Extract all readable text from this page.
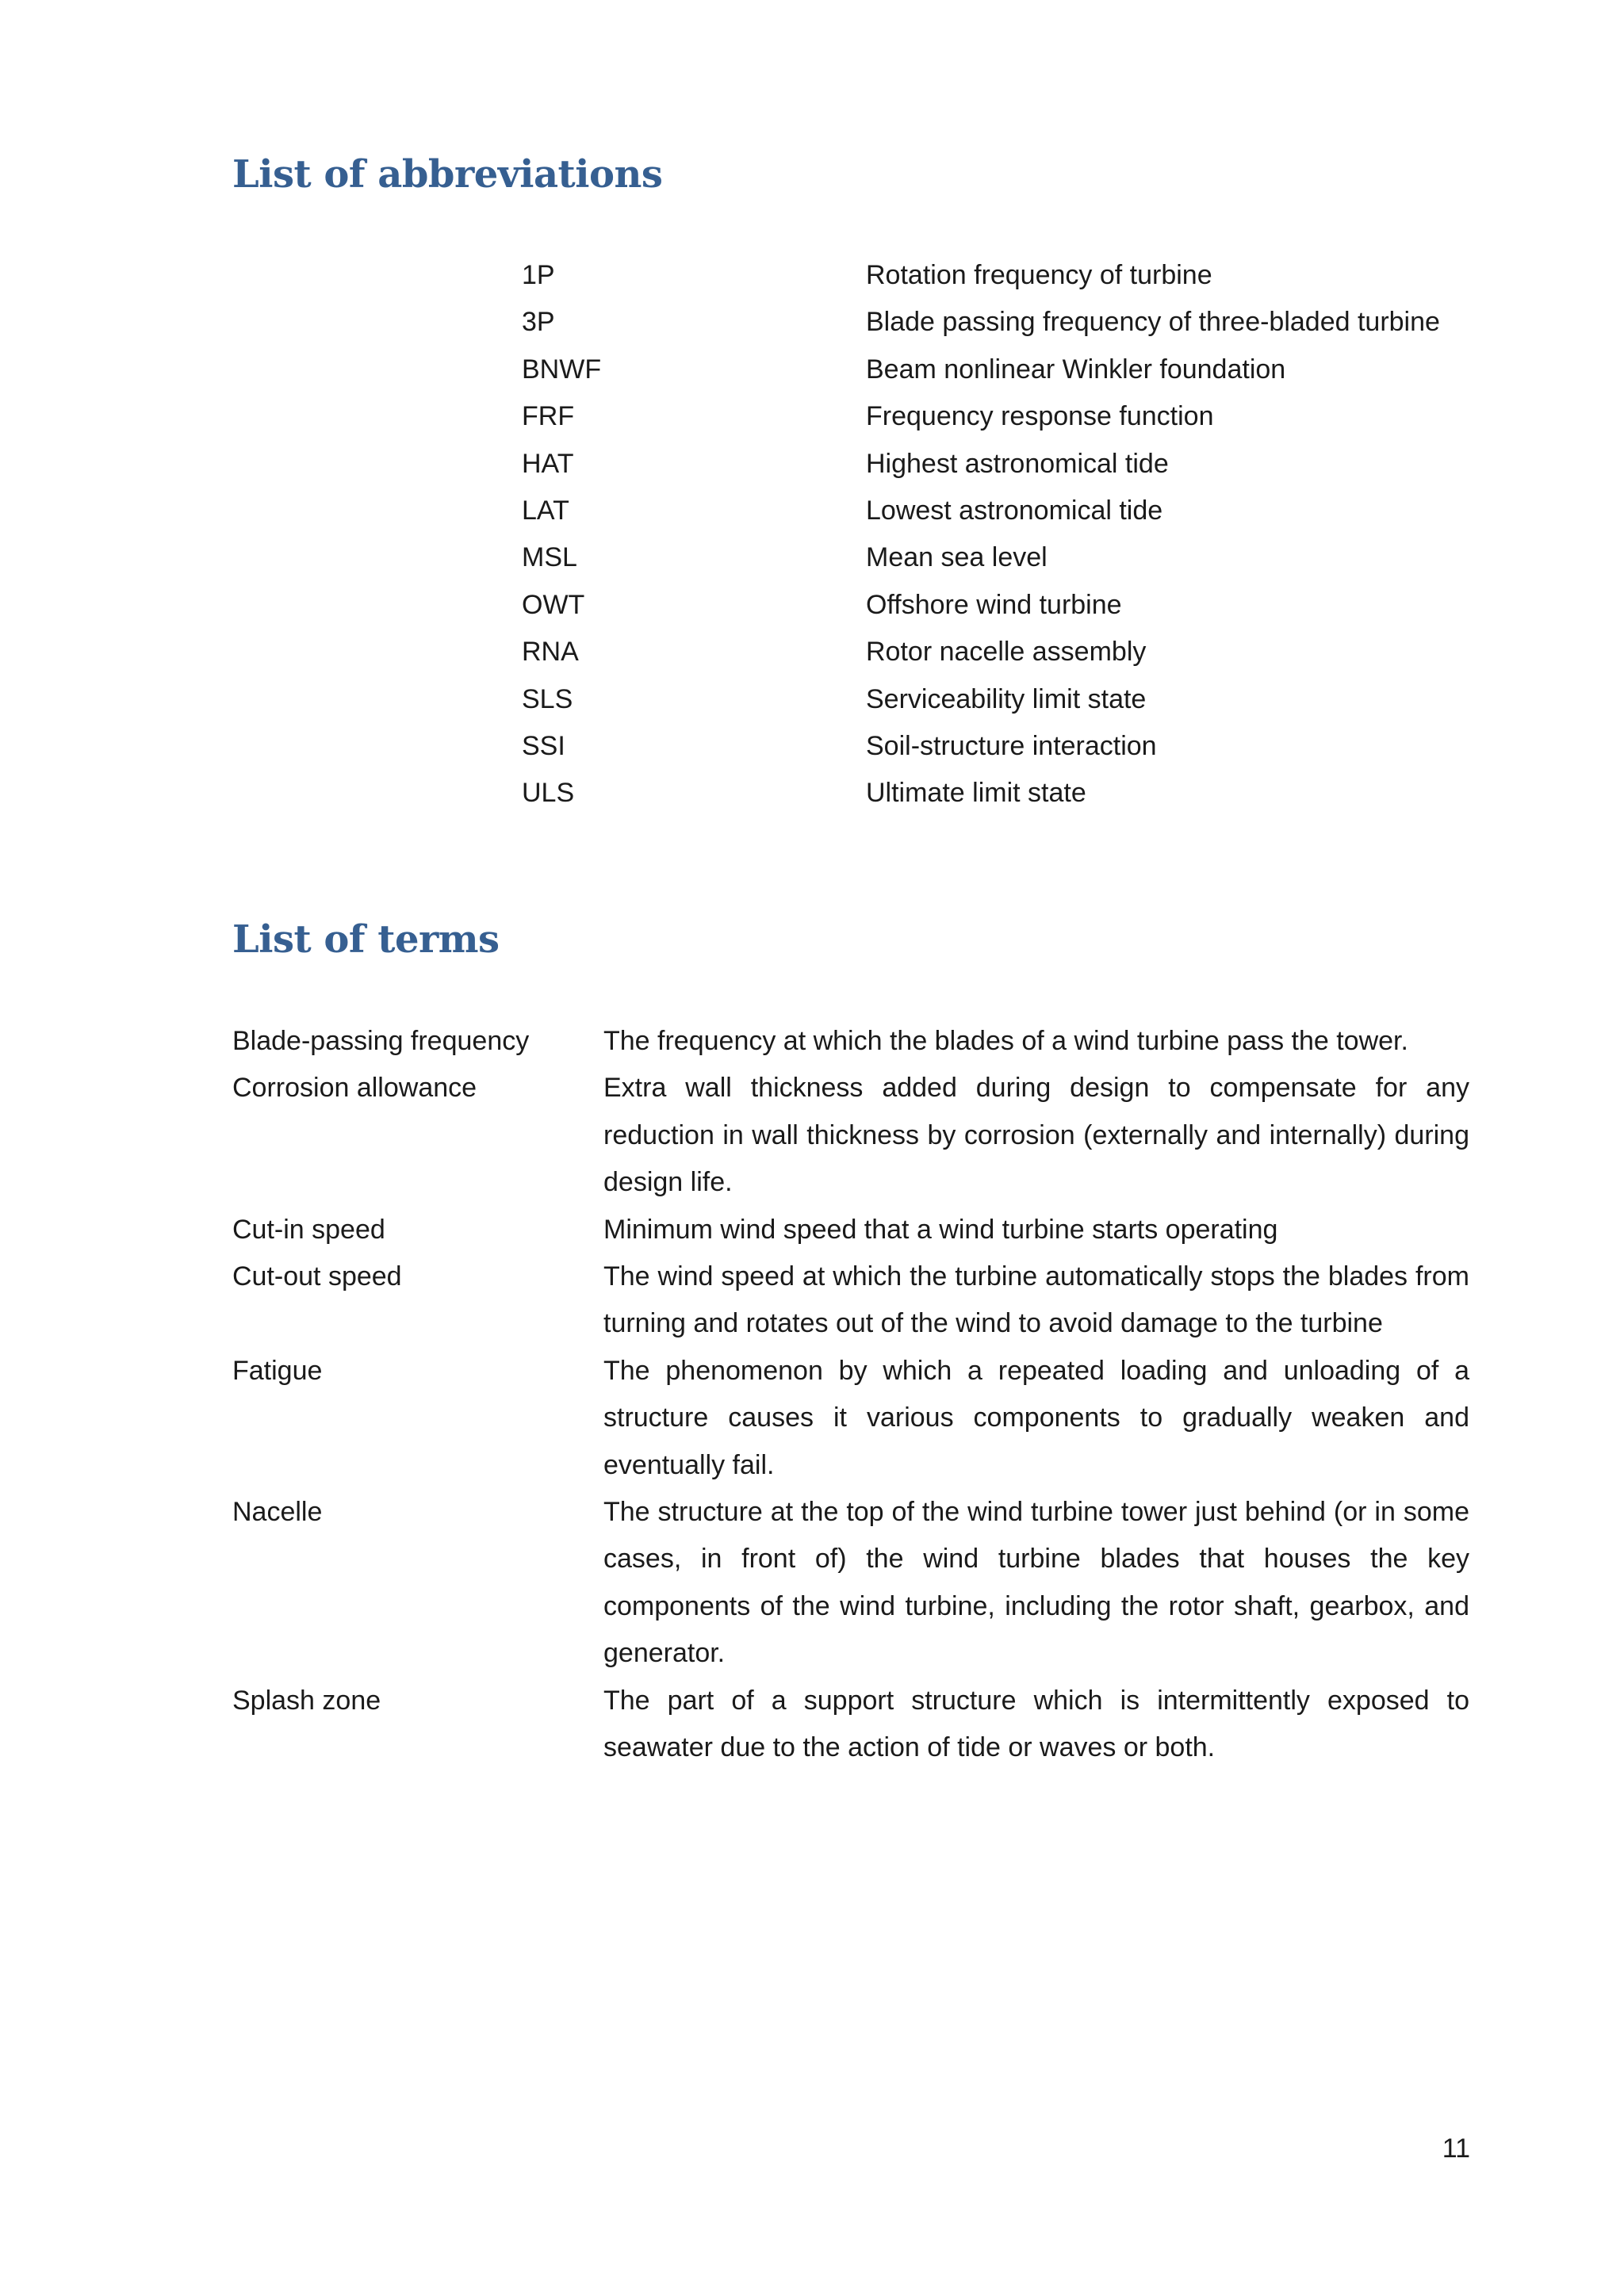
List of abbreviations
1P	Rotation frequency of turbine
3P	Blade passing frequency of three-bladed turbine
BNWF	Beam nonlinear Winkler foundation
FRF	Frequency response function
HAT	Highest astronomical tide
LAT	Lowest astronomical tide
MSL	Mean sea level
OWT	Offshore wind turbine
RNA	Rotor nacelle assembly
SLS	Serviceability limit state
SSI	Soil-structure interaction
ULS	Ultimate limit state
List of terms
Blade-passing frequency	The frequency at which the blades of a wind turbine pass the tower.
Corrosion allowance	Extra wall thickness added during design to compensate for any reduction in wall thickness by corrosion (externally and internally) during design life.
Cut-in speed	Minimum wind speed that a wind turbine starts operating
Cut-out speed	The wind speed at which the turbine automatically stops the blades from turning and rotates out of the wind to avoid damage to the turbine
Fatigue	The phenomenon by which a repeated loading and unloading of a structure causes it various components to gradually weaken and eventually fail.
Nacelle	The structure at the top of the wind turbine tower just behind (or in some cases, in front of) the wind turbine blades that houses the key components of the wind turbine, including the rotor shaft, gearbox, and generator.
Splash zone	The part of a support structure which is intermittently exposed to seawater due to the action of tide or waves or both.
11
